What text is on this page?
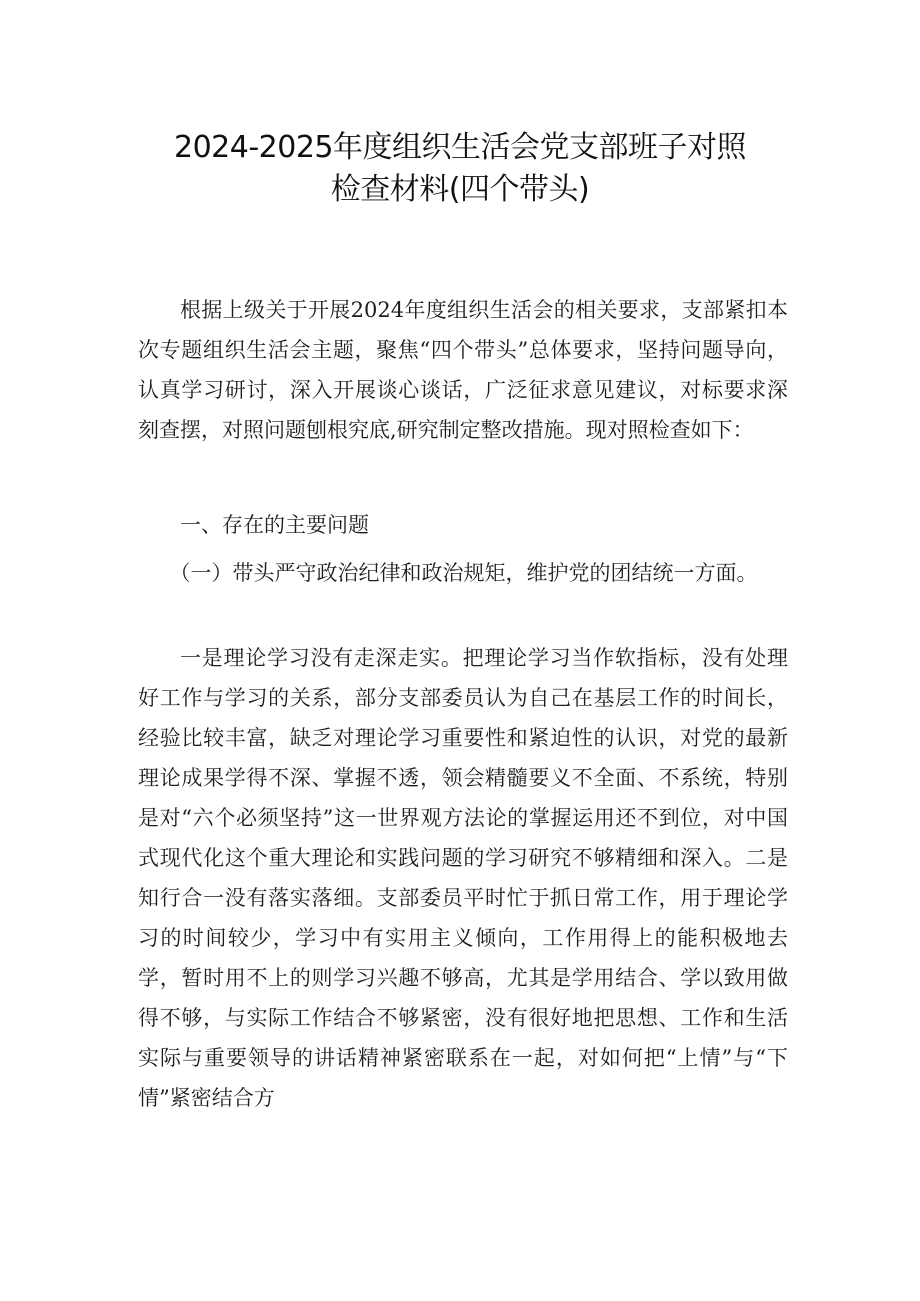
2024-2025年度组织生活会党支部班子对照
检查材料(四个带头)
根据上级关于开展2024年度组织生活会的相关要求，支部紧扣本次专题组织生活会主题，聚焦“四个带头”总体要求，坚持问题导向，认真学习研讨，深入开展谈心谈话，广泛征求意见建议，对标要求深刻查摆，对照问题刨根究底,研究制定整改措施。现对照检查如下：
一、存在的主要问题
（一）带头严守政治纪律和政治规矩，维护党的团结统一方面。
一是理论学习没有走深走实。把理论学习当作软指标，没有处理好工作与学习的关系，部分支部委员认为自己在基层工作的时间长，经验比较丰富，缺乏对理论学习重要性和紧迫性的认识，对党的最新理论成果学得不深、掌握不透，领会精髓要义不全面、不系统，特别是对“六个必须坚持”这一世界观方法论的掌握运用还不到位，对中国式现代化这个重大理论和实践问题的学习研究不够精细和深入。二是知行合一没有落实落细。支部委员平时忙于抓日常工作，用于理论学习的时间较少，学习中有实用主义倾向，工作用得上的能积极地去学，暂时用不上的则学习兴趣不够高，尤其是学用结合、学以致用做得不够，与实际工作结合不够紧密，没有很好地把思想、工作和生活实际与重要领导的讲话精神紧密联系在一起，对如何把“上情”与“下情”紧密结合方
